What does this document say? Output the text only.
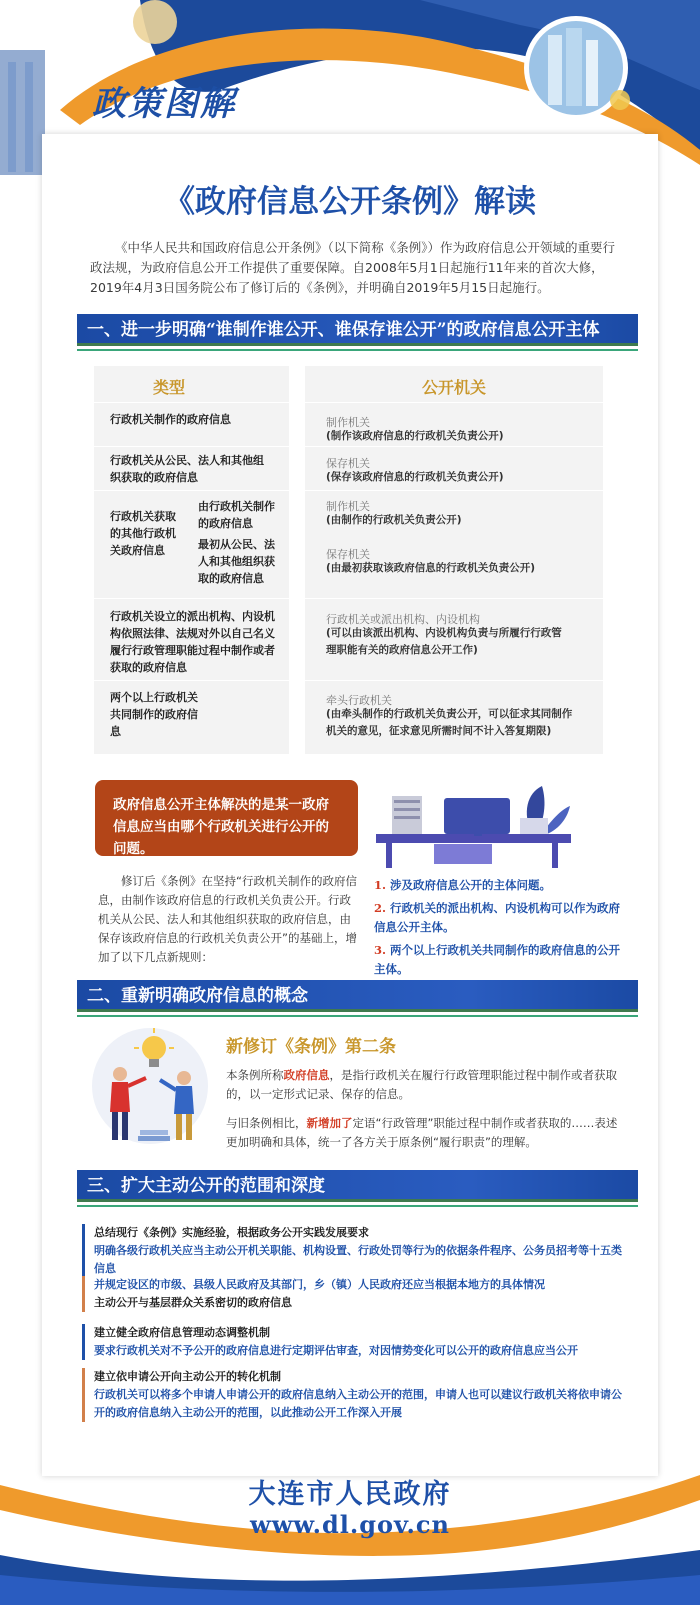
政策图解
《政府信息公开条例》解读
《中华人民共和国政府信息公开条例》（以下简称《条例》）作为政府信息公开领域的重要行政法规，为政府信息公开工作提供了重要保障。自2008年5月1日起施行11年来的首次大修，2019年4月3日国务院公布了修订后的《条例》，并明确自2019年5月15日起施行。
一、进一步明确“谁制作谁公开、谁保存谁公开”的政府信息公开主体
类型	公开机关
行政机关制作的政府信息	制作机关
(制作该政府信息的行政机关负责公开)
行政机关从公民、法人和其他组织获取的政府信息
保存机关
(保存该政府信息的行政机关负责公开)
行政机关获取的其他行政机关政府信息
由行政机关制作的政府信息
最初从公民、法人和其他组织获取的政府信息
制作机关
(由制作的行政机关负责公开)
保存机关
(由最初获取该政府信息的行政机关负责公开)
行政机关设立的派出机构、内设机构依照法律、法规对外以自己名义履行行政管理职能过程中制作或者获取的政府信息
行政机关或派出机构、内设机构
(可以由该派出机构、内设机构负责与所履行行政管理职能有关的政府信息公开工作)
两个以上行政机关共同制作的政府信息
牵头行政机关
(由牵头制作的行政机关负责公开，可以征求其同制作机关的意见，征求意见所需时间不计入答复期限)
政府信息公开主体解决的是某一政府信息应当由哪个行政机关进行公开的问题。
修订后《条例》在坚持“行政机关制作的政府信息，由制作该政府信息的行政机关负责公开。行政机关从公民、法人和其他组织获取的政府信息，由保存该政府信息的行政机关负责公开”的基础上，增加了以下几点新规则：
1. 涉及政府信息公开的主体问题。
2. 行政机关的派出机构、内设机构可以作为政府信息公开主体。
3. 两个以上行政机关共同制作的政府信息的公开主体。
二、重新明确政府信息的概念
新修订《条例》第二条
本条例所称政府信息，是指行政机关在履行行政管理职能过程中制作或者获取的，以一定形式记录、保存的信息。
与旧条例相比，新增加了定语“行政管理”职能过程中制作或者获取的……表述更加明确和具体，统一了各方关于原条例“履行职责”的理解。
三、扩大主动公开的范围和深度
总结现行《条例》实施经验，根据政务公开实践发展要求
明确各级行政机关应当主动公开机关职能、机构设置、行政处罚等行为的依据条件程序、公务员招考等十五类信息
并规定设区的市级、县级人民政府及其部门，乡（镇）人民政府还应当根据本地方的具体情况
主动公开与基层群众关系密切的政府信息
建立健全政府信息管理动态调整机制
要求行政机关对不予公开的政府信息进行定期评估审查，对因情势变化可以公开的政府信息应当公开
建立依申请公开向主动公开的转化机制
行政机关可以将多个申请人申请公开的政府信息纳入主动公开的范围，申请人也可以建议行政机关将依申请公开的政府信息纳入主动公开的范围，以此推动公开工作深入开展
大连市人民政府
www.dl.gov.cn
